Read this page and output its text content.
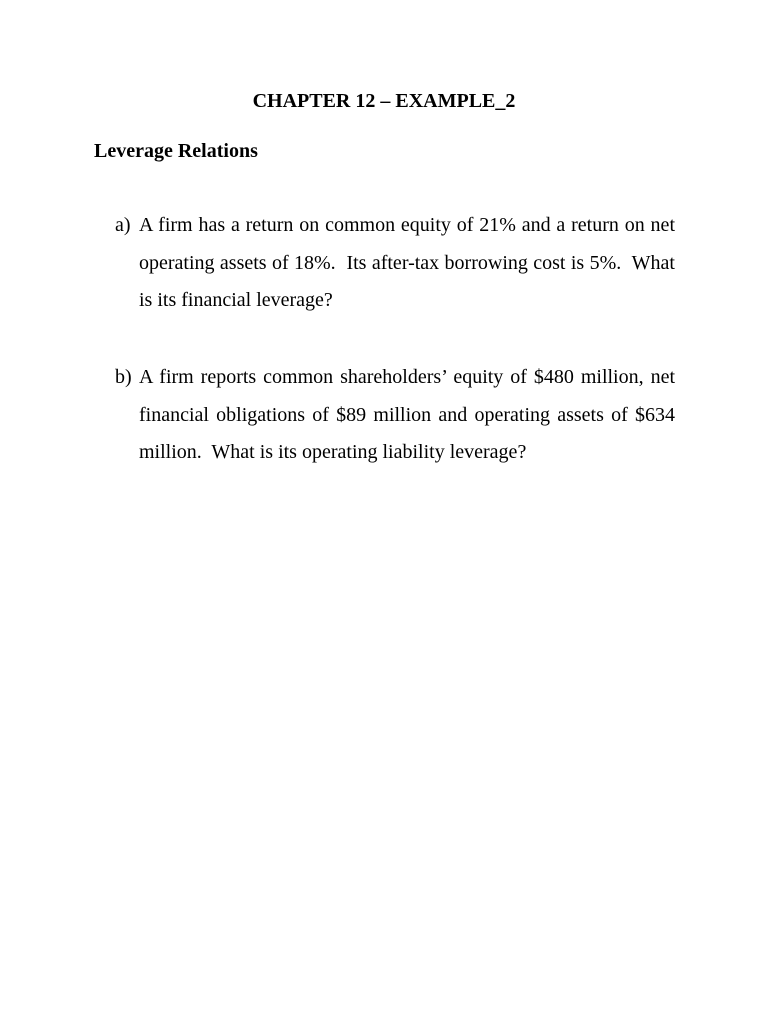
CHAPTER 12 – EXAMPLE_2
Leverage Relations
a) A firm has a return on common equity of 21% and a return on net operating assets of 18%.  Its after-tax borrowing cost is 5%.  What is its financial leverage?
b) A firm reports common shareholders’ equity of $480 million, net financial obligations of $89 million and operating assets of $634 million.  What is its operating liability leverage?
